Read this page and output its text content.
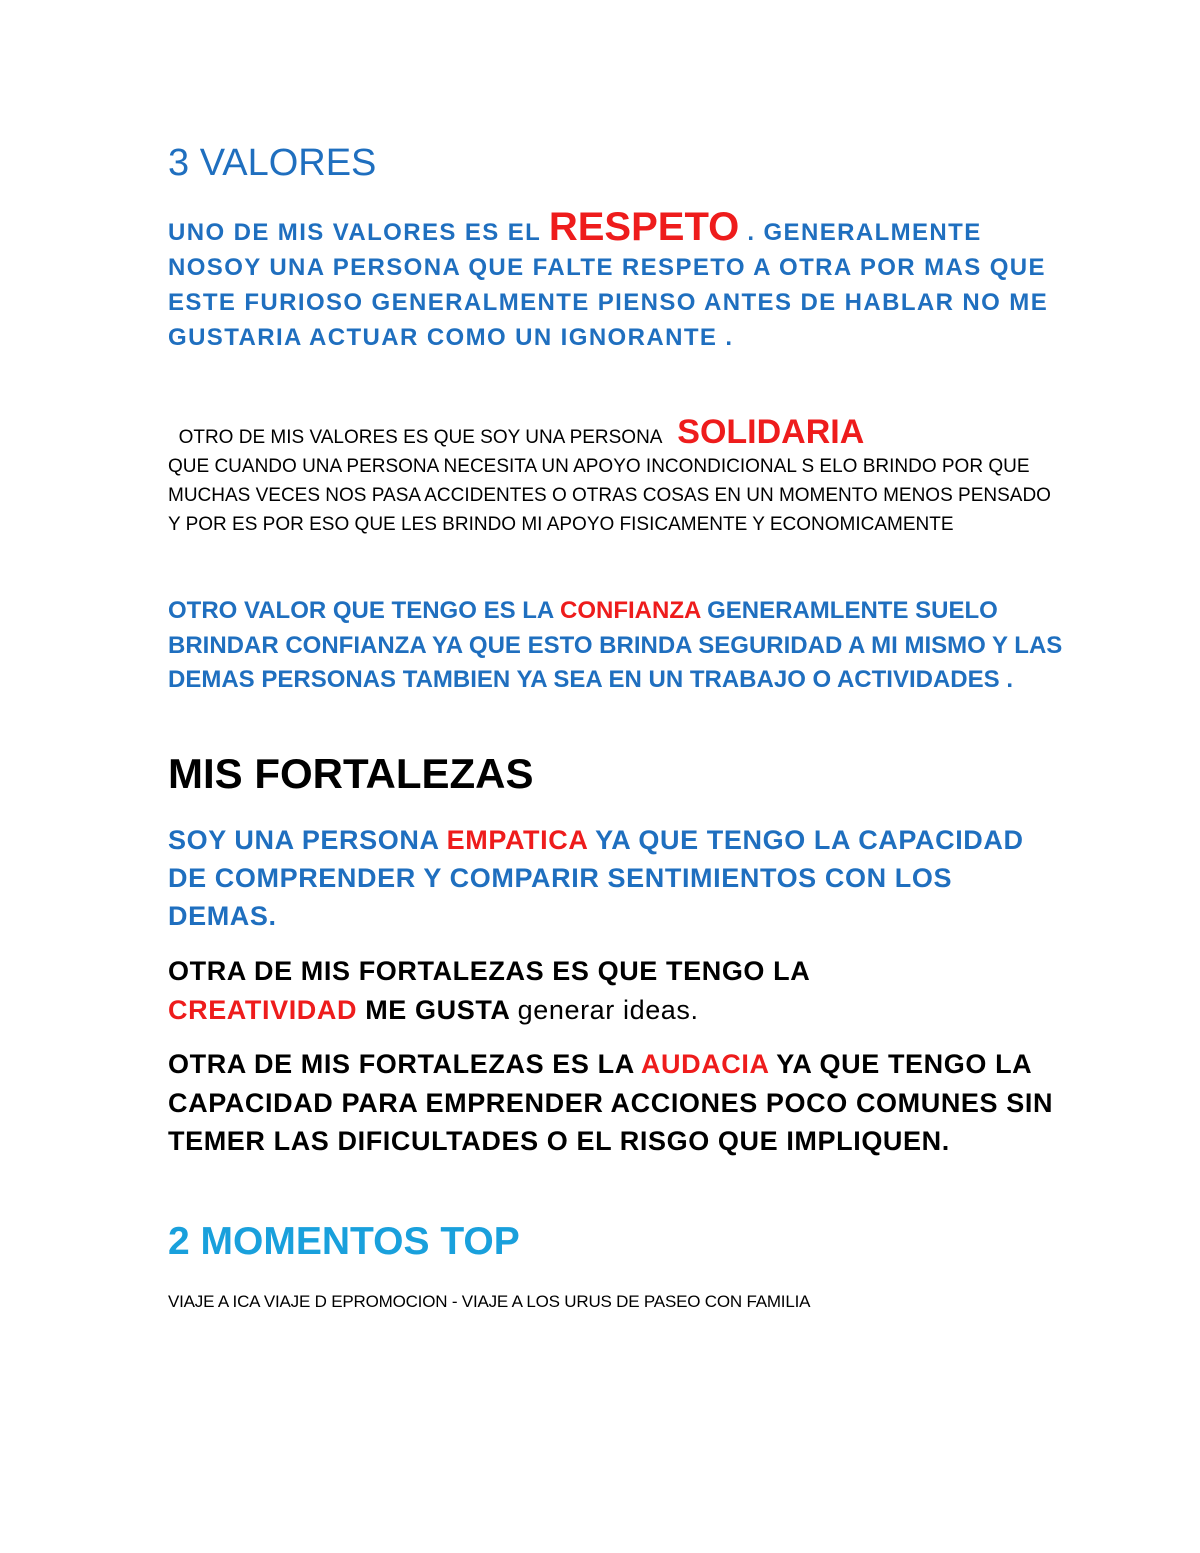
3 VALORES

UNO DE MIS VALORES ES EL RESPETO . GENERALMENTE NOSOY UNA PERSONA QUE FALTE RESPETO A OTRA POR MAS QUE ESTE FURIOSO GENERALMENTE PIENSO ANTES DE HABLAR NO ME GUSTARIA ACTUAR COMO UN IGNORANTE .

OTRO DE MIS VALORES ES QUE SOY UNA PERSONA   SOLIDARIA
QUE CUANDO UNA PERSONA NECESITA UN APOYO INCONDICIONAL S ELO BRINDO POR QUE MUCHAS VECES NOS PASA ACCIDENTES O OTRAS COSAS EN UN MOMENTO MENOS PENSADO Y POR ES POR ESO QUE LES BRINDO MI APOYO FISICAMENTE Y ECONOMICAMENTE

OTRO VALOR QUE TENGO ES LA CONFIANZA GENERAMLENTE SUELO BRINDAR CONFIANZA YA QUE ESTO BRINDA SEGURIDAD A MI MISMO Y LAS DEMAS PERSONAS TAMBIEN YA SEA EN UN TRABAJO O ACTIVIDADES .

MIS FORTALEZAS

SOY UNA PERSONA EMPATICA YA QUE TENGO LA CAPACIDAD DE COMPRENDER Y COMPARIR SENTIMIENTOS CON LOS DEMAS.

OTRA DE MIS FORTALEZAS ES QUE TENGO LA
CREATIVIDAD ME GUSTA generar ideas.

OTRA DE MIS FORTALEZAS ES LA AUDACIA YA QUE TENGO LA CAPACIDAD PARA EMPRENDER ACCIONES POCO COMUNES SIN TEMER LAS DIFICULTADES O EL RISGO QUE IMPLIQUEN.

2 MOMENTOS TOP

VIAJE A ICA VIAJE D EPROMOCION - VIAJE A LOS URUS DE PASEO CON FAMILIA
